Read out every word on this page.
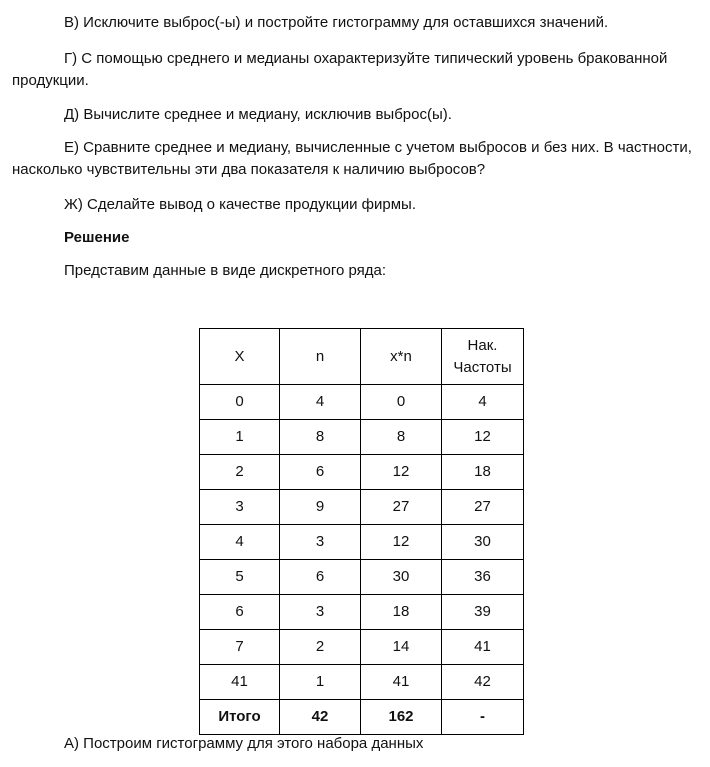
В) Исключите выброс(-ы) и постройте гистограмму для оставшихся значений.

Г) С помощью среднего и медианы охарактеризуйте типический уровень бракованной продукции.

Д) Вычислите среднее и медиану, исключив выброс(ы).

Е) Сравните среднее и медиану, вычисленные с учетом выбросов и без них. В частности, насколько чувствительны эти два показателя к наличию выбросов?

Ж) Сделайте вывод о качестве продукции фирмы.

Решение

Представим данные в виде дискретного ряда:

X	n	x*n	Нак. Частоты
0	4	0	4
1	8	8	12
2	6	12	18
3	9	27	27
4	3	12	30
5	6	30	36
6	3	18	39
7	2	14	41
41	1	41	42
Итого	42	162	-

А) Построим гистограмму для этого набора данных
